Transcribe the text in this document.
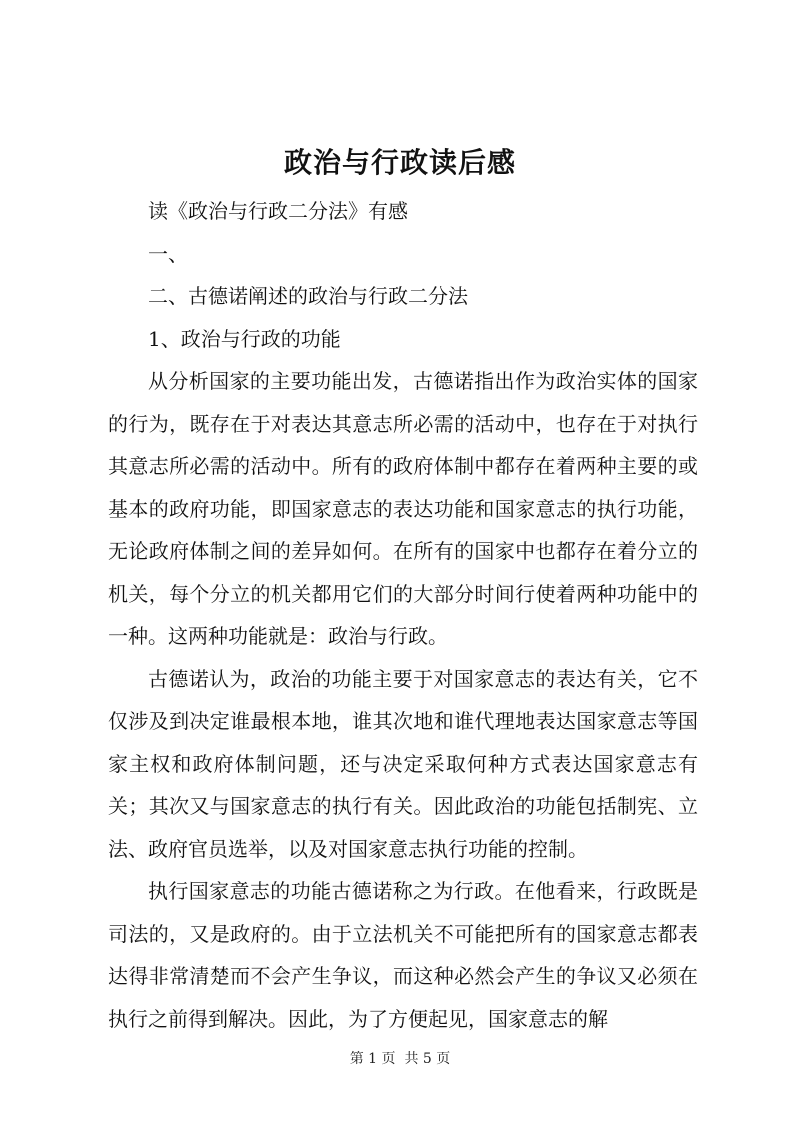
政治与行政读后感

读《政治与行政二分法》有感

一、

二、古德诺阐述的政治与行政二分法

1、政治与行政的功能

从分析国家的主要功能出发，古德诺指出作为政治实体的国家的行为，既存在于对表达其意志所必需的活动中，也存在于对执行其意志所必需的活动中。所有的政府体制中都存在着两种主要的或基本的政府功能，即国家意志的表达功能和国家意志的执行功能，无论政府体制之间的差异如何。在所有的国家中也都存在着分立的机关，每个分立的机关都用它们的大部分时间行使着两种功能中的一种。这两种功能就是：政治与行政。

古德诺认为，政治的功能主要于对国家意志的表达有关，它不仅涉及到决定谁最根本地，谁其次地和谁代理地表达国家意志等国家主权和政府体制问题，还与决定采取何种方式表达国家意志有关；其次又与国家意志的执行有关。因此政治的功能包括制宪、立法、政府官员选举，以及对国家意志执行功能的控制。

执行国家意志的功能古德诺称之为行政。在他看来，行政既是司法的，又是政府的。由于立法机关不可能把所有的国家意志都表达得非常清楚而不会产生争议，而这种必然会产生的争议又必须在执行之前得到解决。因此，为了方便起见，国家意志的解

第 1 页  共 5 页
